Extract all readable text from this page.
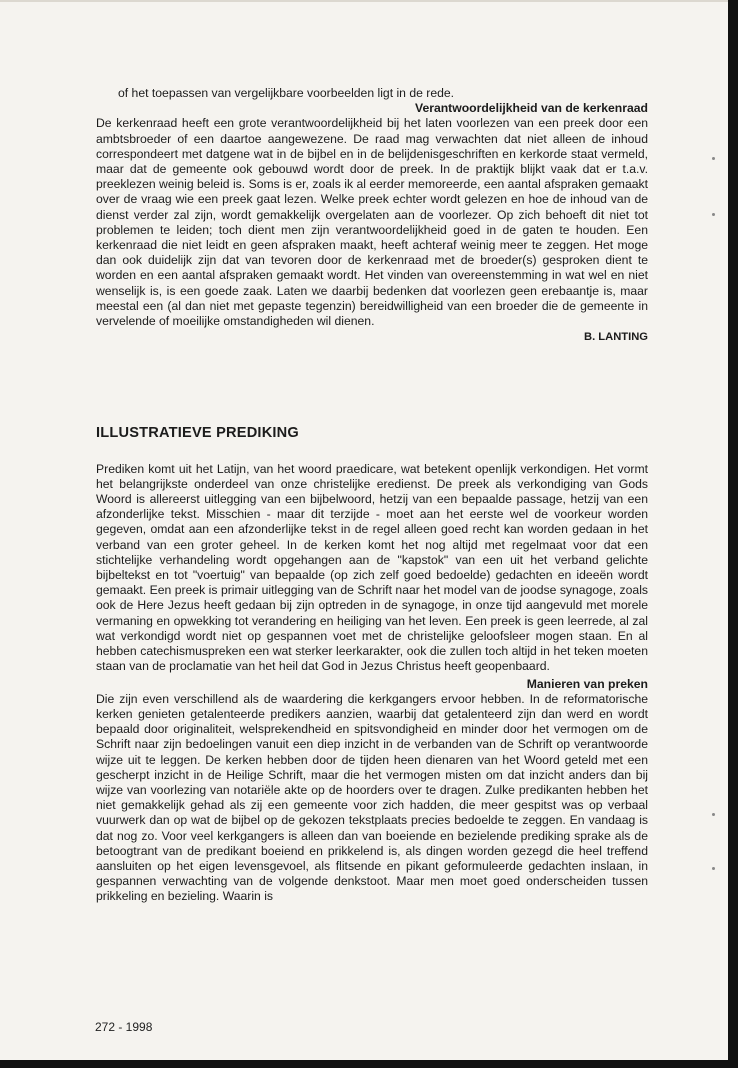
of het toepassen van vergelijkbare voorbeelden ligt in de rede.

Verantwoordelijkheid van de kerkenraad

De kerkenraad heeft een grote verantwoordelijkheid bij het laten voorlezen van een preek door een ambtsbroeder of een daartoe aangewezene. De raad mag verwachten dat niet alleen de inhoud correspondeert met datgene wat in de bijbel en in de belijdenisgeschriften en kerkorde staat vermeld, maar dat de gemeente ook gebouwd wordt door de preek. In de praktijk blijkt vaak dat er t.a.v. preeklezen weinig beleid is. Soms is er, zoals ik al eerder memoreerde, een aantal afspraken gemaakt over de vraag wie een preek gaat lezen. Welke preek echter wordt gelezen en hoe de inhoud van de dienst verder zal zijn, wordt gemakkelijk overgelaten aan de voorlezer. Op zich behoeft dit niet tot problemen te leiden; toch dient men zijn verantwoordelijkheid goed in de gaten te houden. Een kerkenraad die niet leidt en geen afspraken maakt, heeft achteraf weinig meer te zeggen. Het moge dan ook duidelijk zijn dat van tevoren door de kerkenraad met de broeder(s) gesproken dient te worden en een aantal afspraken gemaakt wordt. Het vinden van overeenstemming in wat wel en niet wenselijk is, is een goede zaak. Laten we daarbij bedenken dat voorlezen geen erebaantje is, maar meestal een (al dan niet met gepaste tegenzin) bereidwilligheid van een broeder die de gemeente in vervelende of moeilijke omstandigheden wil dienen.

B. LANTING

ILLUSTRATIEVE PREDIKING

Prediken komt uit het Latijn, van het woord praedicare, wat betekent openlijk verkondigen. Het vormt het belangrijkste onderdeel van onze christelijke eredienst. De preek als verkondiging van Gods Woord is allereerst uitlegging van een bijbelwoord, hetzij van een bepaalde passage, hetzij van een afzonderlijke tekst. Misschien - maar dit terzijde - moet aan het eerste wel de voorkeur worden gegeven, omdat aan een afzonderlijke tekst in de regel alleen goed recht kan worden gedaan in het verband van een groter geheel. In de kerken komt het nog altijd met regelmaat voor dat een stichtelijke verhandeling wordt opgehangen aan de "kapstok" van een uit het verband gelichte bijbeltekst en tot "voertuig" van bepaalde (op zich zelf goed bedoelde) gedachten en ideeën wordt gemaakt. Een preek is primair uitlegging van de Schrift naar het model van de joodse synagoge, zoals ook de Here Jezus heeft gedaan bij zijn optreden in de synagoge, in onze tijd aangevuld met morele vermaning en opwekking tot verandering en heiliging van het leven. Een preek is geen leerrede, al zal wat verkondigd wordt niet op gespannen voet met de christelijke geloofsleer mogen staan. En al hebben catechismuspreken een wat sterker leerkarakter, ook die zullen toch altijd in het teken moeten staan van de proclamatie van het heil dat God in Jezus Christus heeft geopenbaard.

Manieren van preken

Die zijn even verschillend als de waardering die kerkgangers ervoor hebben. In de reformatorische kerken genieten getalenteerde predikers aanzien, waarbij dat getalenteerd zijn dan werd en wordt bepaald door originaliteit, welsprekendheid en spitsvondigheid en minder door het vermogen om de Schrift naar zijn bedoelingen vanuit een diep inzicht in de verbanden van de Schrift op verantwoorde wijze uit te leggen. De kerken hebben door de tijden heen dienaren van het Woord geteld met een gescherpt inzicht in de Heilige Schrift, maar die het vermogen misten om dat inzicht anders dan bij wijze van voorlezing van notariële akte op de hoorders over te dragen. Zulke predikanten hebben het niet gemakkelijk gehad als zij een gemeente voor zich hadden, die meer gespitst was op verbaal vuurwerk dan op wat de bijbel op de gekozen tekstplaats precies bedoelde te zeggen. En vandaag is dat nog zo. Voor veel kerkgangers is alleen dan van boeiende en bezielende prediking sprake als de betoogtrant van de predikant boeiend en prikkelend is, als dingen worden gezegd die heel treffend aansluiten op het eigen levensgevoel, als flitsende en pikant geformuleerde gedachten inslaan, in gespannen verwachting van de volgende denkstoot. Maar men moet goed onderscheiden tussen prikkeling en bezieling. Waarin is

272 - 1998
